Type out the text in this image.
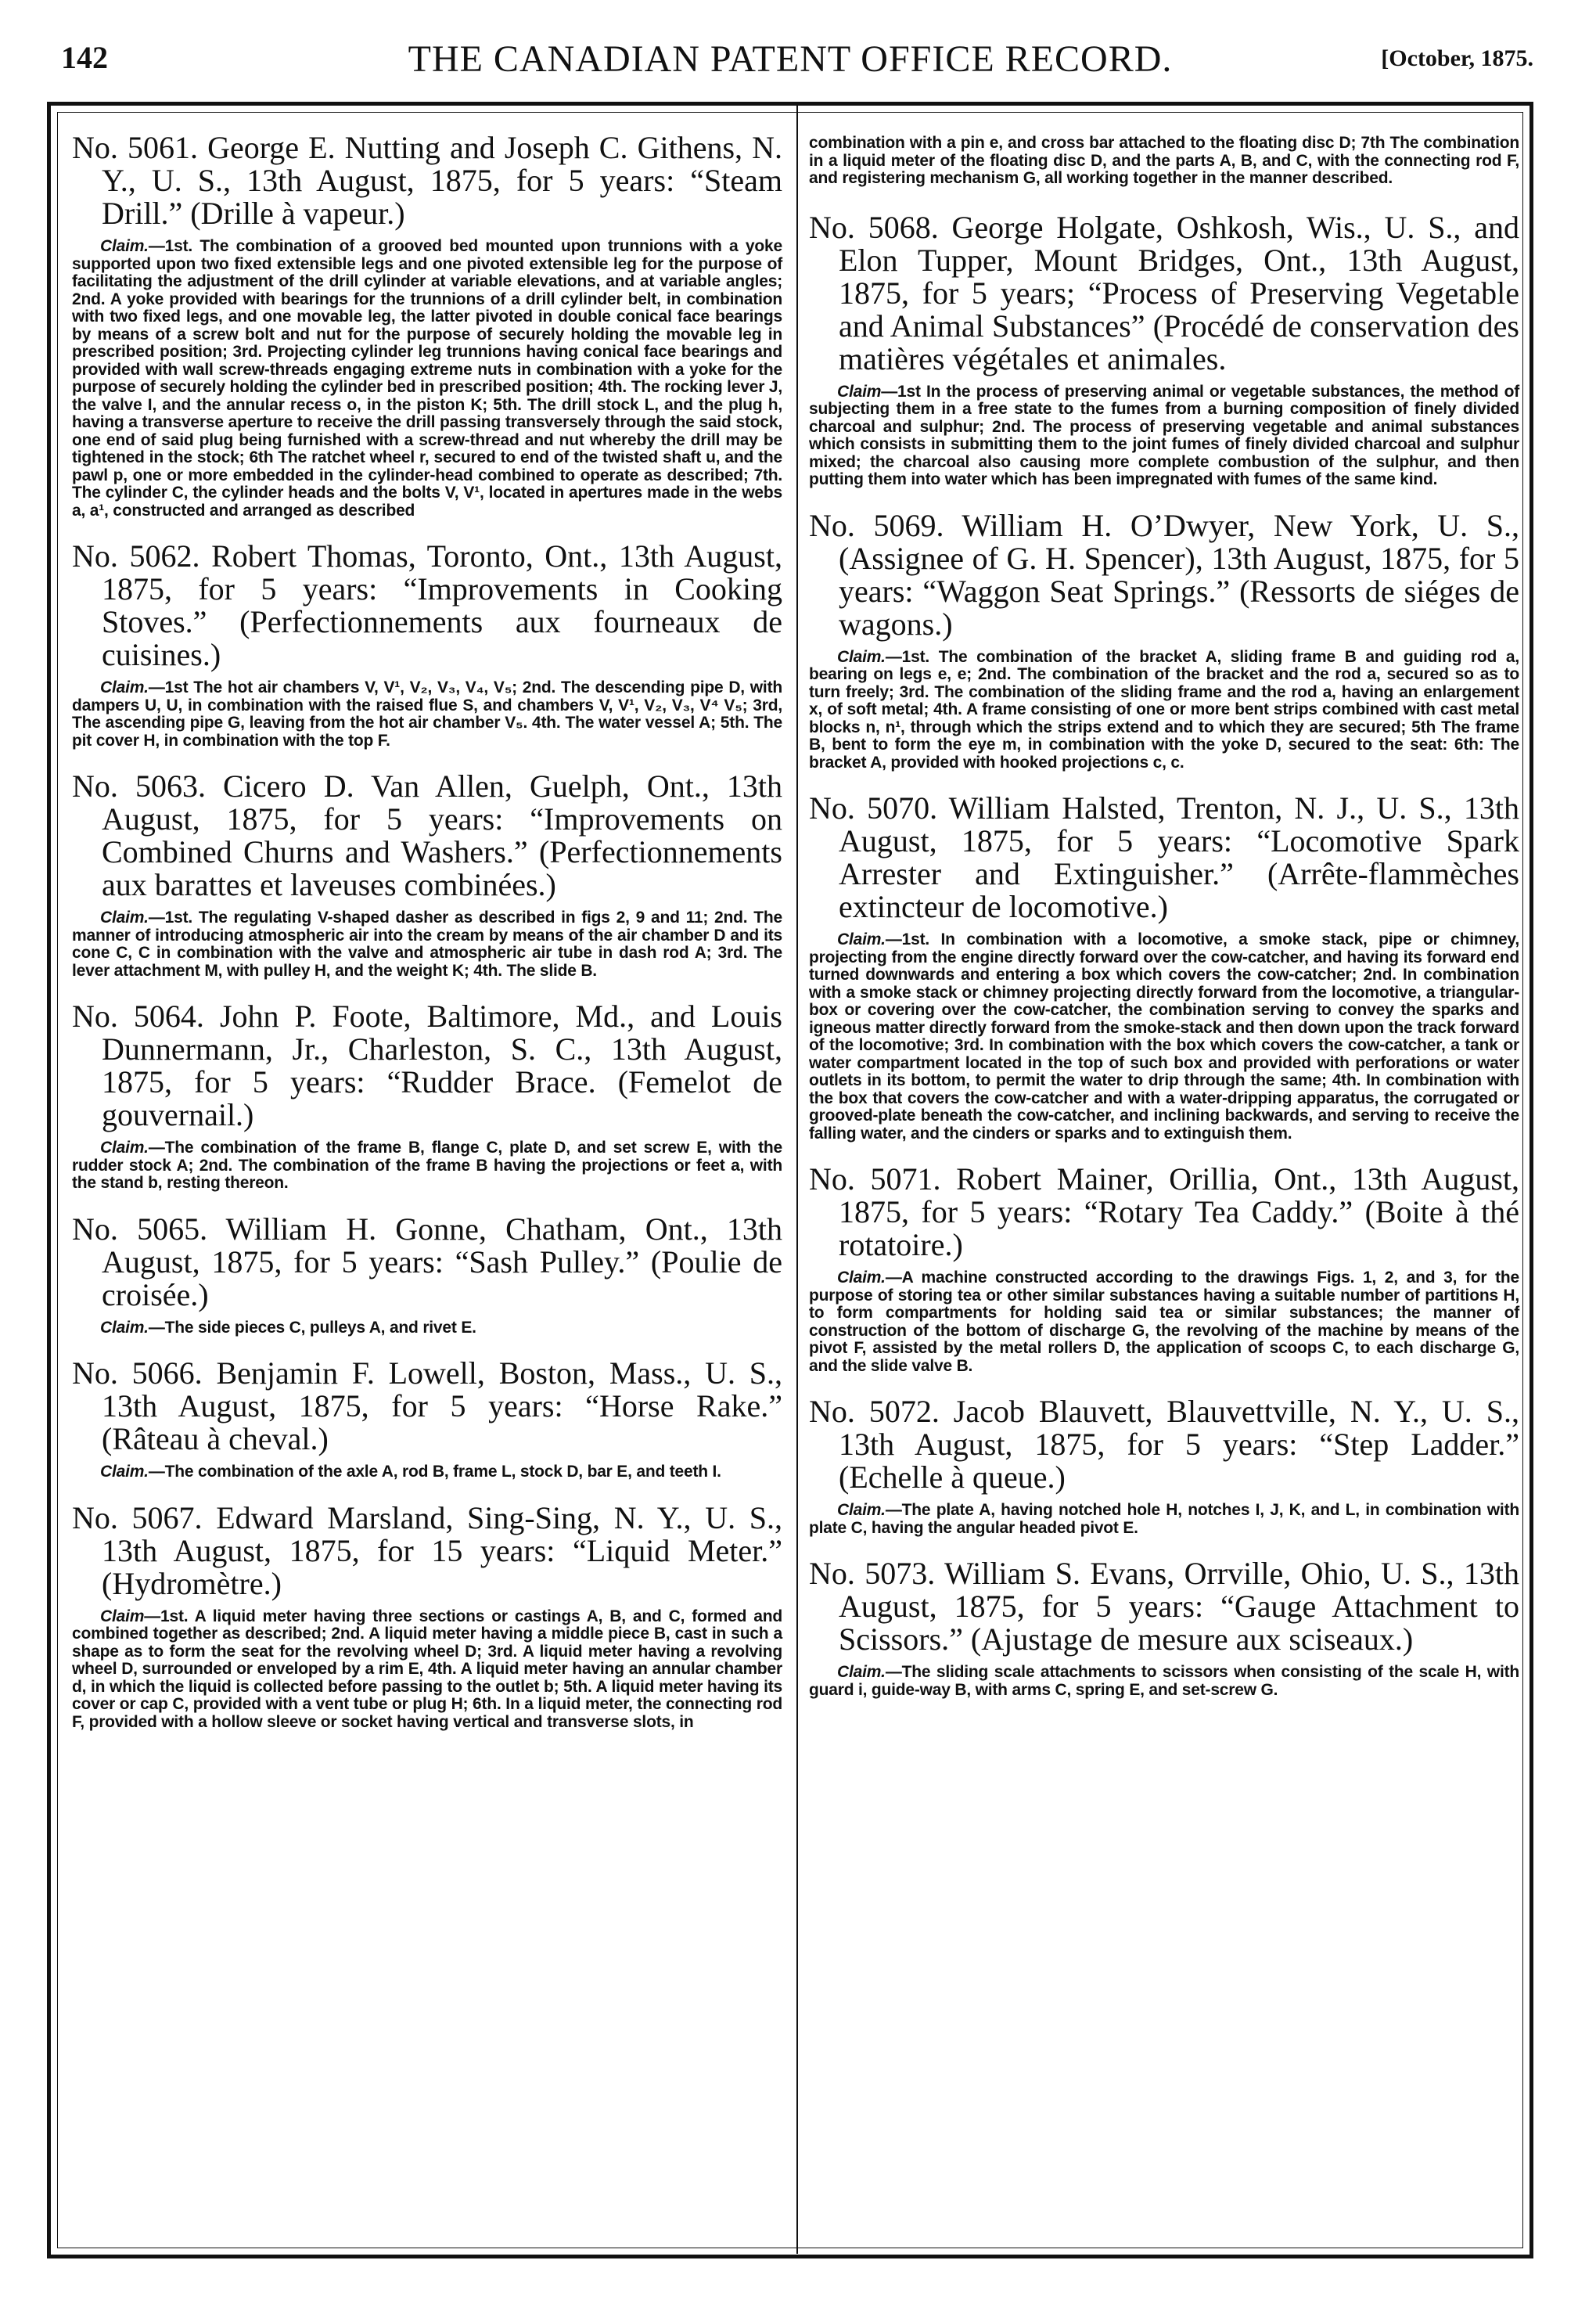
142	THE CANADIAN PATENT OFFICE RECORD.	[October, 1875.

No. 5061. George E. Nutting and Joseph C. Githens, N. Y., U. S., 13th August, 1875, for 5 years: “Steam Drill.” (Drille à vapeur.)

Claim.—1st. The combination of a grooved bed mounted upon trunnions with a yoke supported upon two fixed extensible legs and one pivoted extensible leg for the purpose of facilitating the adjustment of the drill cylinder at variable elevations, and at variable angles; 2nd. A yoke provided with bearings for the trunnions of a drill cylinder belt, in combination with two fixed legs, and one movable leg, the latter pivoted in double conical face bearings by means of a screw bolt and nut for the purpose of securely holding the movable leg in prescribed position; 3rd. Projecting cylinder leg trunnions having conical face bearings and provided with wall screw-threads engaging extreme nuts in combination with a yoke for the purpose of securely holding the cylinder bed in prescribed position; 4th. The rocking lever J, the valve I, and the annular recess o, in the piston K; 5th. The drill stock L, and the plug h, having a transverse aperture to receive the drill passing transversely through the said stock, one end of said plug being furnished with a screw-thread and nut whereby the drill may be tightened in the stock; 6th The ratchet wheel r, secured to end of the twisted shaft u, and the pawl p, one or more embedded in the cylinder-head combined to operate as described; 7th. The cylinder C, the cylinder heads and the bolts V, V¹, located in apertures made in the webs a, a¹, constructed and arranged as described

No. 5062. Robert Thomas, Toronto, Ont., 13th August, 1875, for 5 years: “Improvements in Cooking Stoves.” (Perfectionnements aux fourneaux de cuisines.)

Claim.—1st The hot air chambers V, V¹, V₂, V₃, V₄, V₅; 2nd. The descending pipe D, with dampers U, U, in combination with the raised flue S, and chambers V, V¹, V₂, V₃, V⁴ V₅; 3rd, The ascending pipe G, leaving from the hot air chamber V₅. 4th. The water vessel A; 5th. The pit cover H, in combination with the top F.

No. 5063. Cicero D. Van Allen, Guelph, Ont., 13th August, 1875, for 5 years: “Improvements on Combined Churns and Washers.” (Perfectionnements aux barattes et laveuses combinées.)

Claim.—1st. The regulating V-shaped dasher as described in figs 2, 9 and 11; 2nd. The manner of introducing atmospheric air into the cream by means of the air chamber D and its cone C, C in combination with the valve and atmospheric air tube in dash rod A; 3rd. The lever attachment M, with pulley H, and the weight K; 4th. The slide B.

No. 5064. John P. Foote, Baltimore, Md., and Louis Dunnermann, Jr., Charleston, S. C., 13th August, 1875, for 5 years: “Rudder Brace. (Femelot de gouvernail.)

Claim.—The combination of the frame B, flange C, plate D, and set screw E, with the rudder stock A; 2nd. The combination of the frame B having the projections or feet a, with the stand b, resting thereon.

No. 5065. William H. Gonne, Chatham, Ont., 13th August, 1875, for 5 years: “Sash Pulley.” (Poulie de croisée.)

Claim.—The side pieces C, pulleys A, and rivet E.

No. 5066. Benjamin F. Lowell, Boston, Mass., U. S., 13th August, 1875, for 5 years: “Horse Rake.” (Râteau à cheval.)

Claim.—The combination of the axle A, rod B, frame L, stock D, bar E, and teeth I.

No. 5067. Edward Marsland, Sing-Sing, N. Y., U. S., 13th August, 1875, for 15 years: “Liquid Meter.” (Hydromètre.)

Claim—1st. A liquid meter having three sections or castings A, B, and C, formed and combined together as described; 2nd. A liquid meter having a middle piece B, cast in such a shape as to form the seat for the revolving wheel D; 3rd. A liquid meter having a revolving wheel D, surrounded or enveloped by a rim E, 4th. A liquid meter having an annular chamber d, in which the liquid is collected before passing to the outlet b; 5th. A liquid meter having its cover or cap C, provided with a vent tube or plug H; 6th. In a liquid meter, the connecting rod F, provided with a hollow sleeve or socket having vertical and transverse slots, in

combination with a pin e, and cross bar attached to the floating disc D; 7th The combination in a liquid meter of the floating disc D, and the parts A, B, and C, with the connecting rod F, and registering mechanism G, all working together in the manner described.

No. 5068. George Holgate, Oshkosh, Wis., U. S., and Elon Tupper, Mount Bridges, Ont., 13th August, 1875, for 5 years; “Process of Preserving Vegetable and Animal Substances” (Procédé de conservation des matières végétales et animales.

Claim—1st In the process of preserving animal or vegetable substances, the method of subjecting them in a free state to the fumes from a burning composition of finely divided charcoal and sulphur; 2nd. The process of preserving vegetable and animal substances which consists in submitting them to the joint fumes of finely divided charcoal and sulphur mixed; the charcoal also causing more complete combustion of the sulphur, and then putting them into water which has been impregnated with fumes of the same kind.

No. 5069. William H. O’Dwyer, New York, U. S., (Assignee of G. H. Spencer), 13th August, 1875, for 5 years: “Waggon Seat Springs.” (Ressorts de siéges de wagons.)

Claim.—1st. The combination of the bracket A, sliding frame B and guiding rod a, bearing on legs e, e; 2nd. The combination of the bracket and the rod a, secured so as to turn freely; 3rd. The combination of the sliding frame and the rod a, having an enlargement x, of soft metal; 4th. A frame consisting of one or more bent strips combined with cast metal blocks n, n¹, through which the strips extend and to which they are secured; 5th The frame B, bent to form the eye m, in combination with the yoke D, secured to the seat: 6th: The bracket A, provided with hooked projections c, c.

No. 5070. William Halsted, Trenton, N. J., U. S., 13th August, 1875, for 5 years: “Locomotive Spark Arrester and Extinguisher.” (Arrête-flammèches extincteur de locomotive.)

Claim.—1st. In combination with a locomotive, a smoke stack, pipe or chimney, projecting from the engine directly forward over the cow-catcher, and having its forward end turned downwards and entering a box which covers the cow-catcher; 2nd. In combination with a smoke stack or chimney projecting directly forward from the locomotive, a triangular-box or covering over the cow-catcher, the combination serving to convey the sparks and igneous matter directly forward from the smoke-stack and then down upon the track forward of the locomotive; 3rd. In combination with the box which covers the cow-catcher, a tank or water compartment located in the top of such box and provided with perforations or water outlets in its bottom, to permit the water to drip through the same; 4th. In combination with the box that covers the cow-catcher and with a water-dripping apparatus, the corrugated or grooved-plate beneath the cow-catcher, and inclining backwards, and serving to receive the falling water, and the cinders or sparks and to extinguish them.

No. 5071. Robert Mainer, Orillia, Ont., 13th August, 1875, for 5 years: “Rotary Tea Caddy.” (Boite à thé rotatoire.)

Claim.—A machine constructed according to the drawings Figs. 1, 2, and 3, for the purpose of storing tea or other similar substances having a suitable number of partitions H, to form compartments for holding said tea or similar substances; the manner of construction of the bottom of discharge G, the revolving of the machine by means of the pivot F, assisted by the metal rollers D, the application of scoops C, to each discharge G, and the slide valve B.

No. 5072. Jacob Blauvett, Blauvettville, N. Y., U. S., 13th August, 1875, for 5 years: “Step Ladder.” (Echelle à queue.)

Claim.—The plate A, having notched hole H, notches I, J, K, and L, in combination with plate C, having the angular headed pivot E.

No. 5073. William S. Evans, Orrville, Ohio, U. S., 13th August, 1875, for 5 years: “Gauge Attachment to Scissors.” (Ajustage de mesure aux sciseaux.)

Claim.—The sliding scale attachments to scissors when consisting of the scale H, with guard i, guide-way B, with arms C, spring E, and set-screw G.
